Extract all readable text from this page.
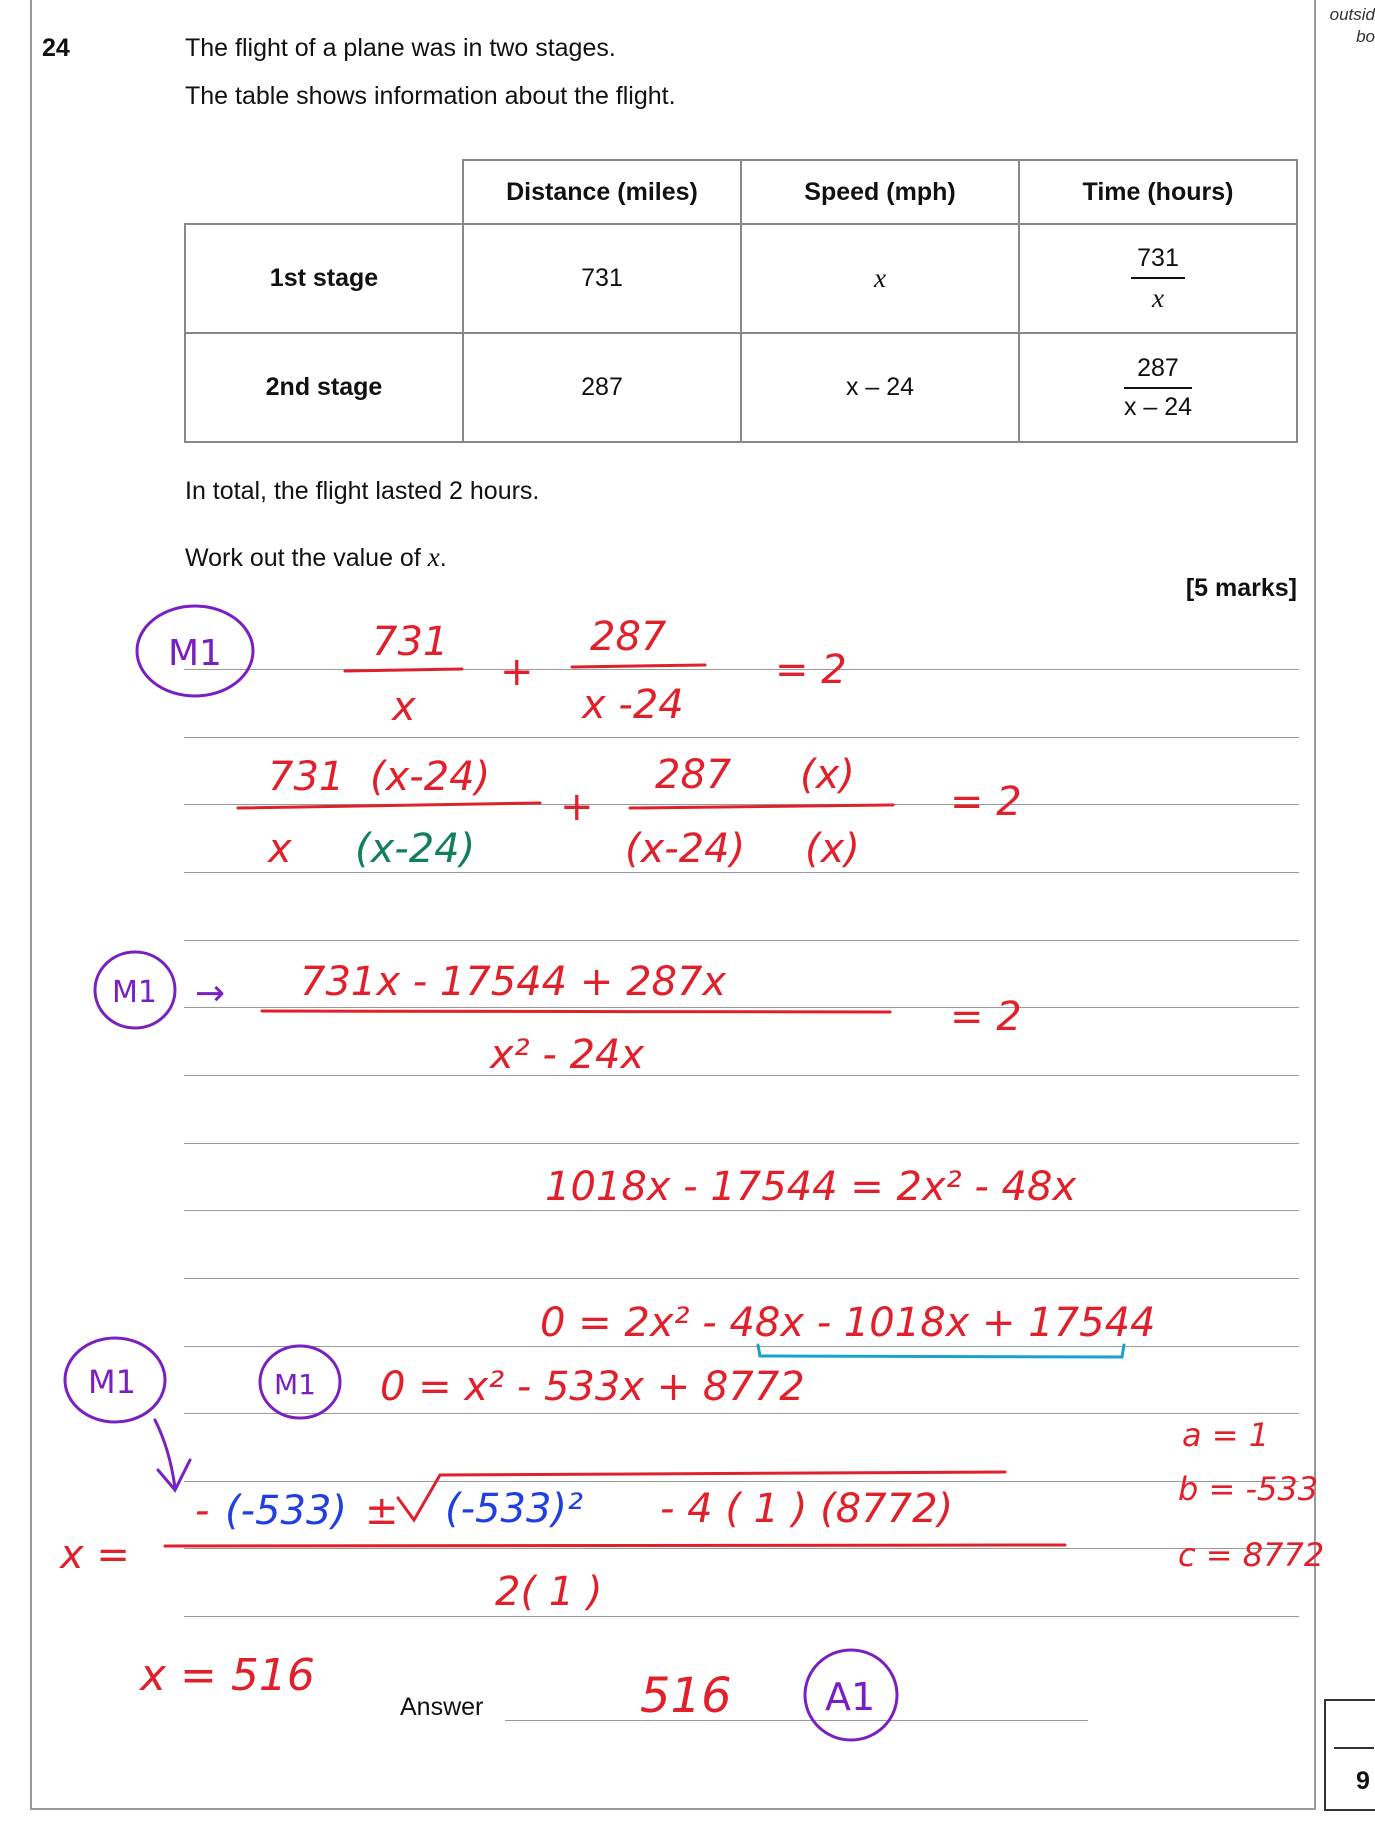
outsid
bo
24	The flight of a plane was in two stages.
The table shows information about the flight.
	Distance (miles)	Speed (mph)	Time (hours)
1st stage	731	x	$\frac{731}{x}$

2nd stage	287	x – 24	$\frac{287}{x - 24}$
In total, the flight lasted 2 hours.
Work out the value of x.
[5 marks]
Answer
9
M1
M1 →
M1	M1
A1
731
x
+
287
x -24
= 2
731 (x-24)
x (x-24)
+
287 (x)
(x-24) (x)
= 2
731x - 17544 + 287x
x² - 24x
= 2
1018x - 17544 = 2x² - 48x
0 = 2x² - 48x - 1018x + 17544
0 = x² - 533x + 8772
x =
- (-533) ± (-533)² - 4 ( 1 ) (8772)
2( 1 )
a = 1
b = -533
c = 8772
x = 516	516
